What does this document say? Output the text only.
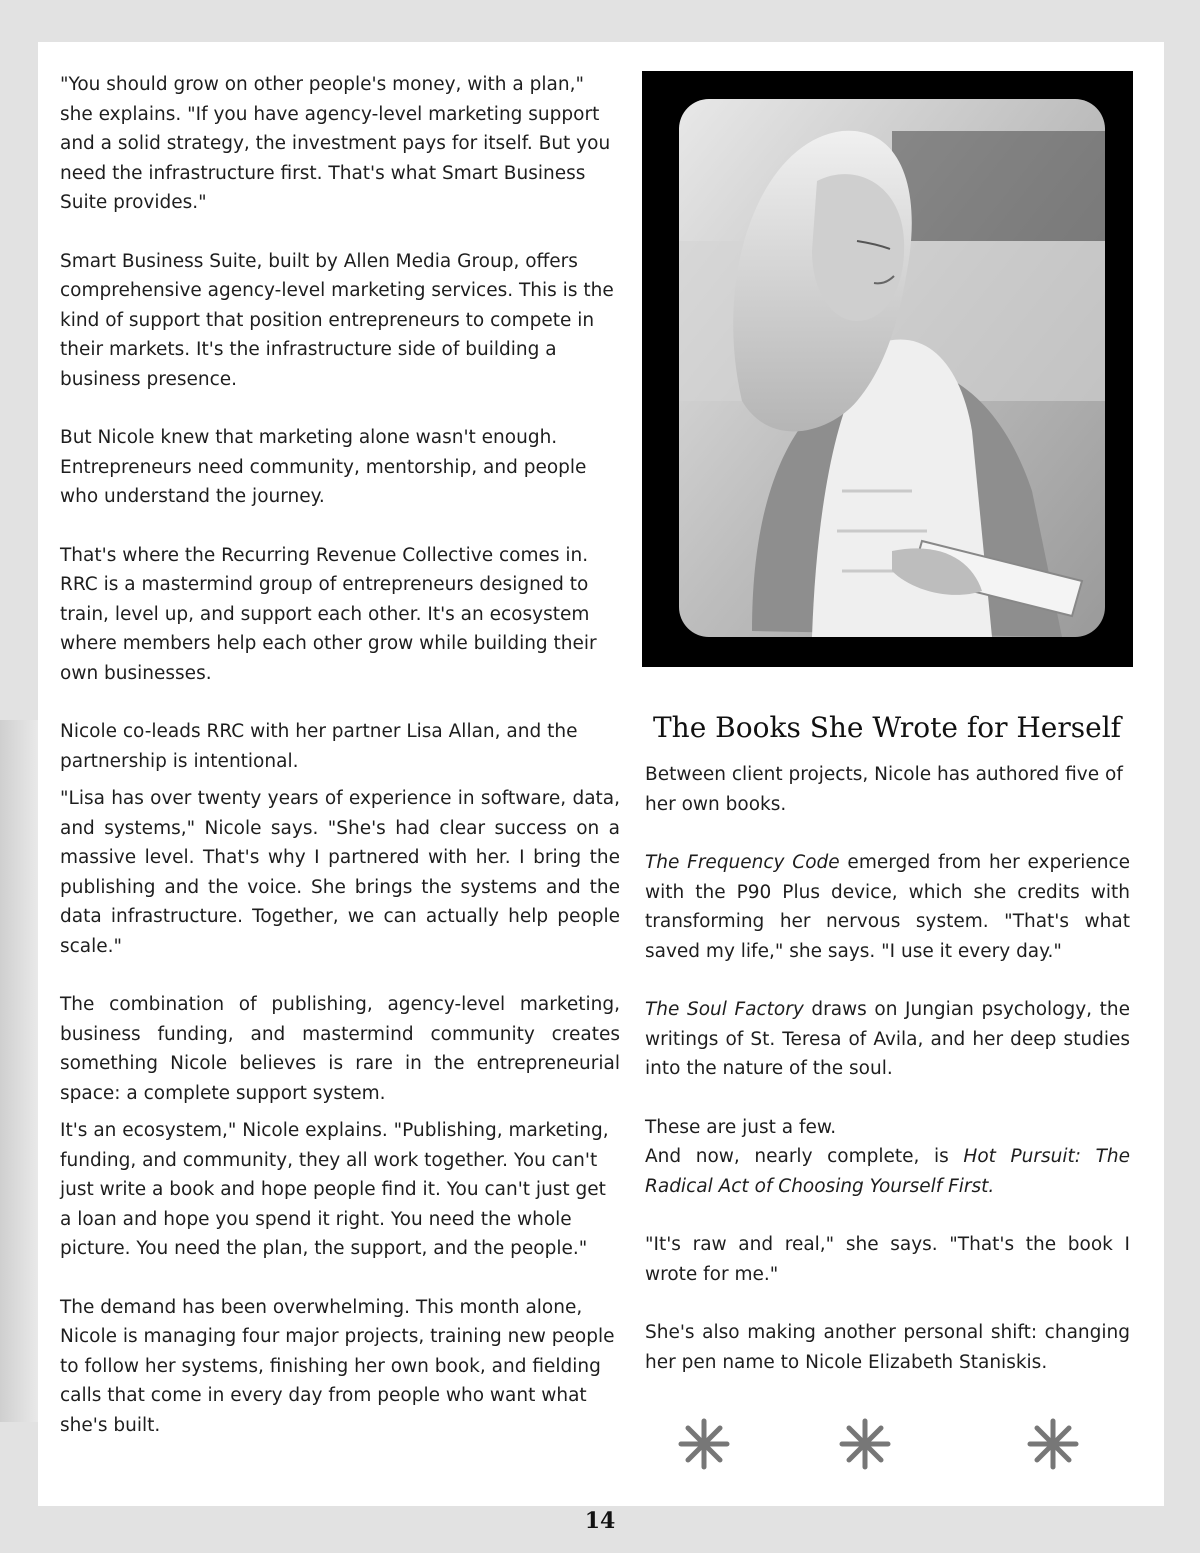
"You should grow on other people's money, with a plan," she explains. "If you have agency-level marketing support and a solid strategy, the investment pays for itself. But you need the infrastructure first. That's what Smart Business Suite provides."

Smart Business Suite, built by Allen Media Group, offers comprehensive agency-level marketing services. This is the kind of support that position entrepreneurs to compete in their markets. It's the infrastructure side of building a business presence.

But Nicole knew that marketing alone wasn't enough. Entrepreneurs need community, mentorship, and people who understand the journey.

That's where the Recurring Revenue Collective comes in. RRC is a mastermind group of entrepreneurs designed to train, level up, and support each other. It's an ecosystem where members help each other grow while building their own businesses.

Nicole co-leads RRC with her partner Lisa Allan, and the partnership is intentional.

"Lisa has over twenty years of experience in software, data, and systems," Nicole says. "She's had clear success on a massive level. That's why I partnered with her. I bring the publishing and the voice. She brings the systems and the data infrastructure. Together, we can actually help people scale."

The combination of publishing, agency-level marketing, business funding, and mastermind community creates something Nicole believes is rare in the entrepreneurial space: a complete support system.

It's an ecosystem," Nicole explains. "Publishing, marketing, funding, and community, they all work together. You can't just write a book and hope people find it. You can't just get a loan and hope you spend it right. You need the whole picture. You need the plan, the support, and the people."

The demand has been overwhelming. This month alone, Nicole is managing four major projects, training new people to follow her systems, finishing her own book, and fielding calls that come in every day from people who want what she's built.

The Books She Wrote for Herself

Between client projects, Nicole has authored five of her own books.

The Frequency Code emerged from her experience with the P90 Plus device, which she credits with transforming her nervous system. "That's what saved my life," she says. "I use it every day."

The Soul Factory draws on Jungian psychology, the writings of St. Teresa of Avila, and her deep studies into the nature of the soul.

These are just a few.

And now, nearly complete, is Hot Pursuit: The Radical Act of Choosing Yourself First.

"It's raw and real," she says. "That's the book I wrote for me."

She's also making another personal shift: changing her pen name to Nicole Elizabeth Staniskis.

14
